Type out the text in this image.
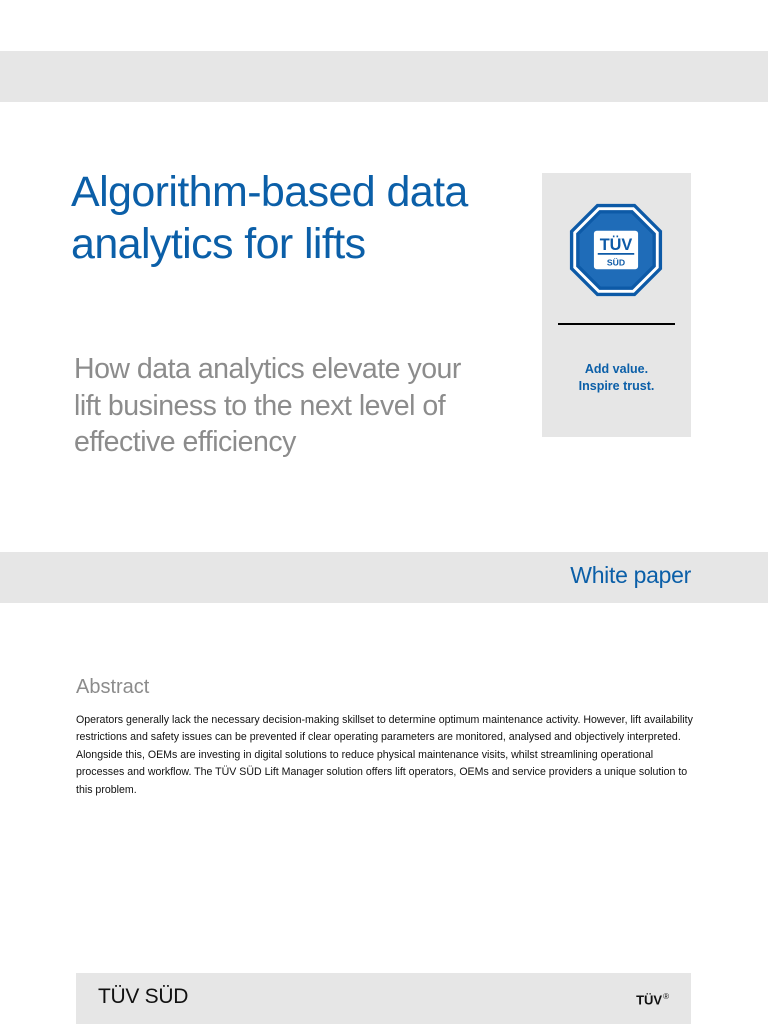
Algorithm-based data
analytics for lifts
How data analytics elevate your lift business to the next level of effective efficiency
TÜV
SÜD
Add value.
Inspire trust.
White paper
Abstract

Operators generally lack the necessary decision-making skillset to determine optimum maintenance activity. However, lift availability restrictions and safety issues can be prevented if clear operating parameters are monitored, analysed and objectively interpreted. Alongside this, OEMs are investing in digital solutions to reduce physical maintenance visits, whilst streamlining operational processes and workflow. The TÜV SÜD Lift Manager solution offers lift operators, OEMs and service providers a unique solution to this problem.

TÜV SÜD	TÜV®
